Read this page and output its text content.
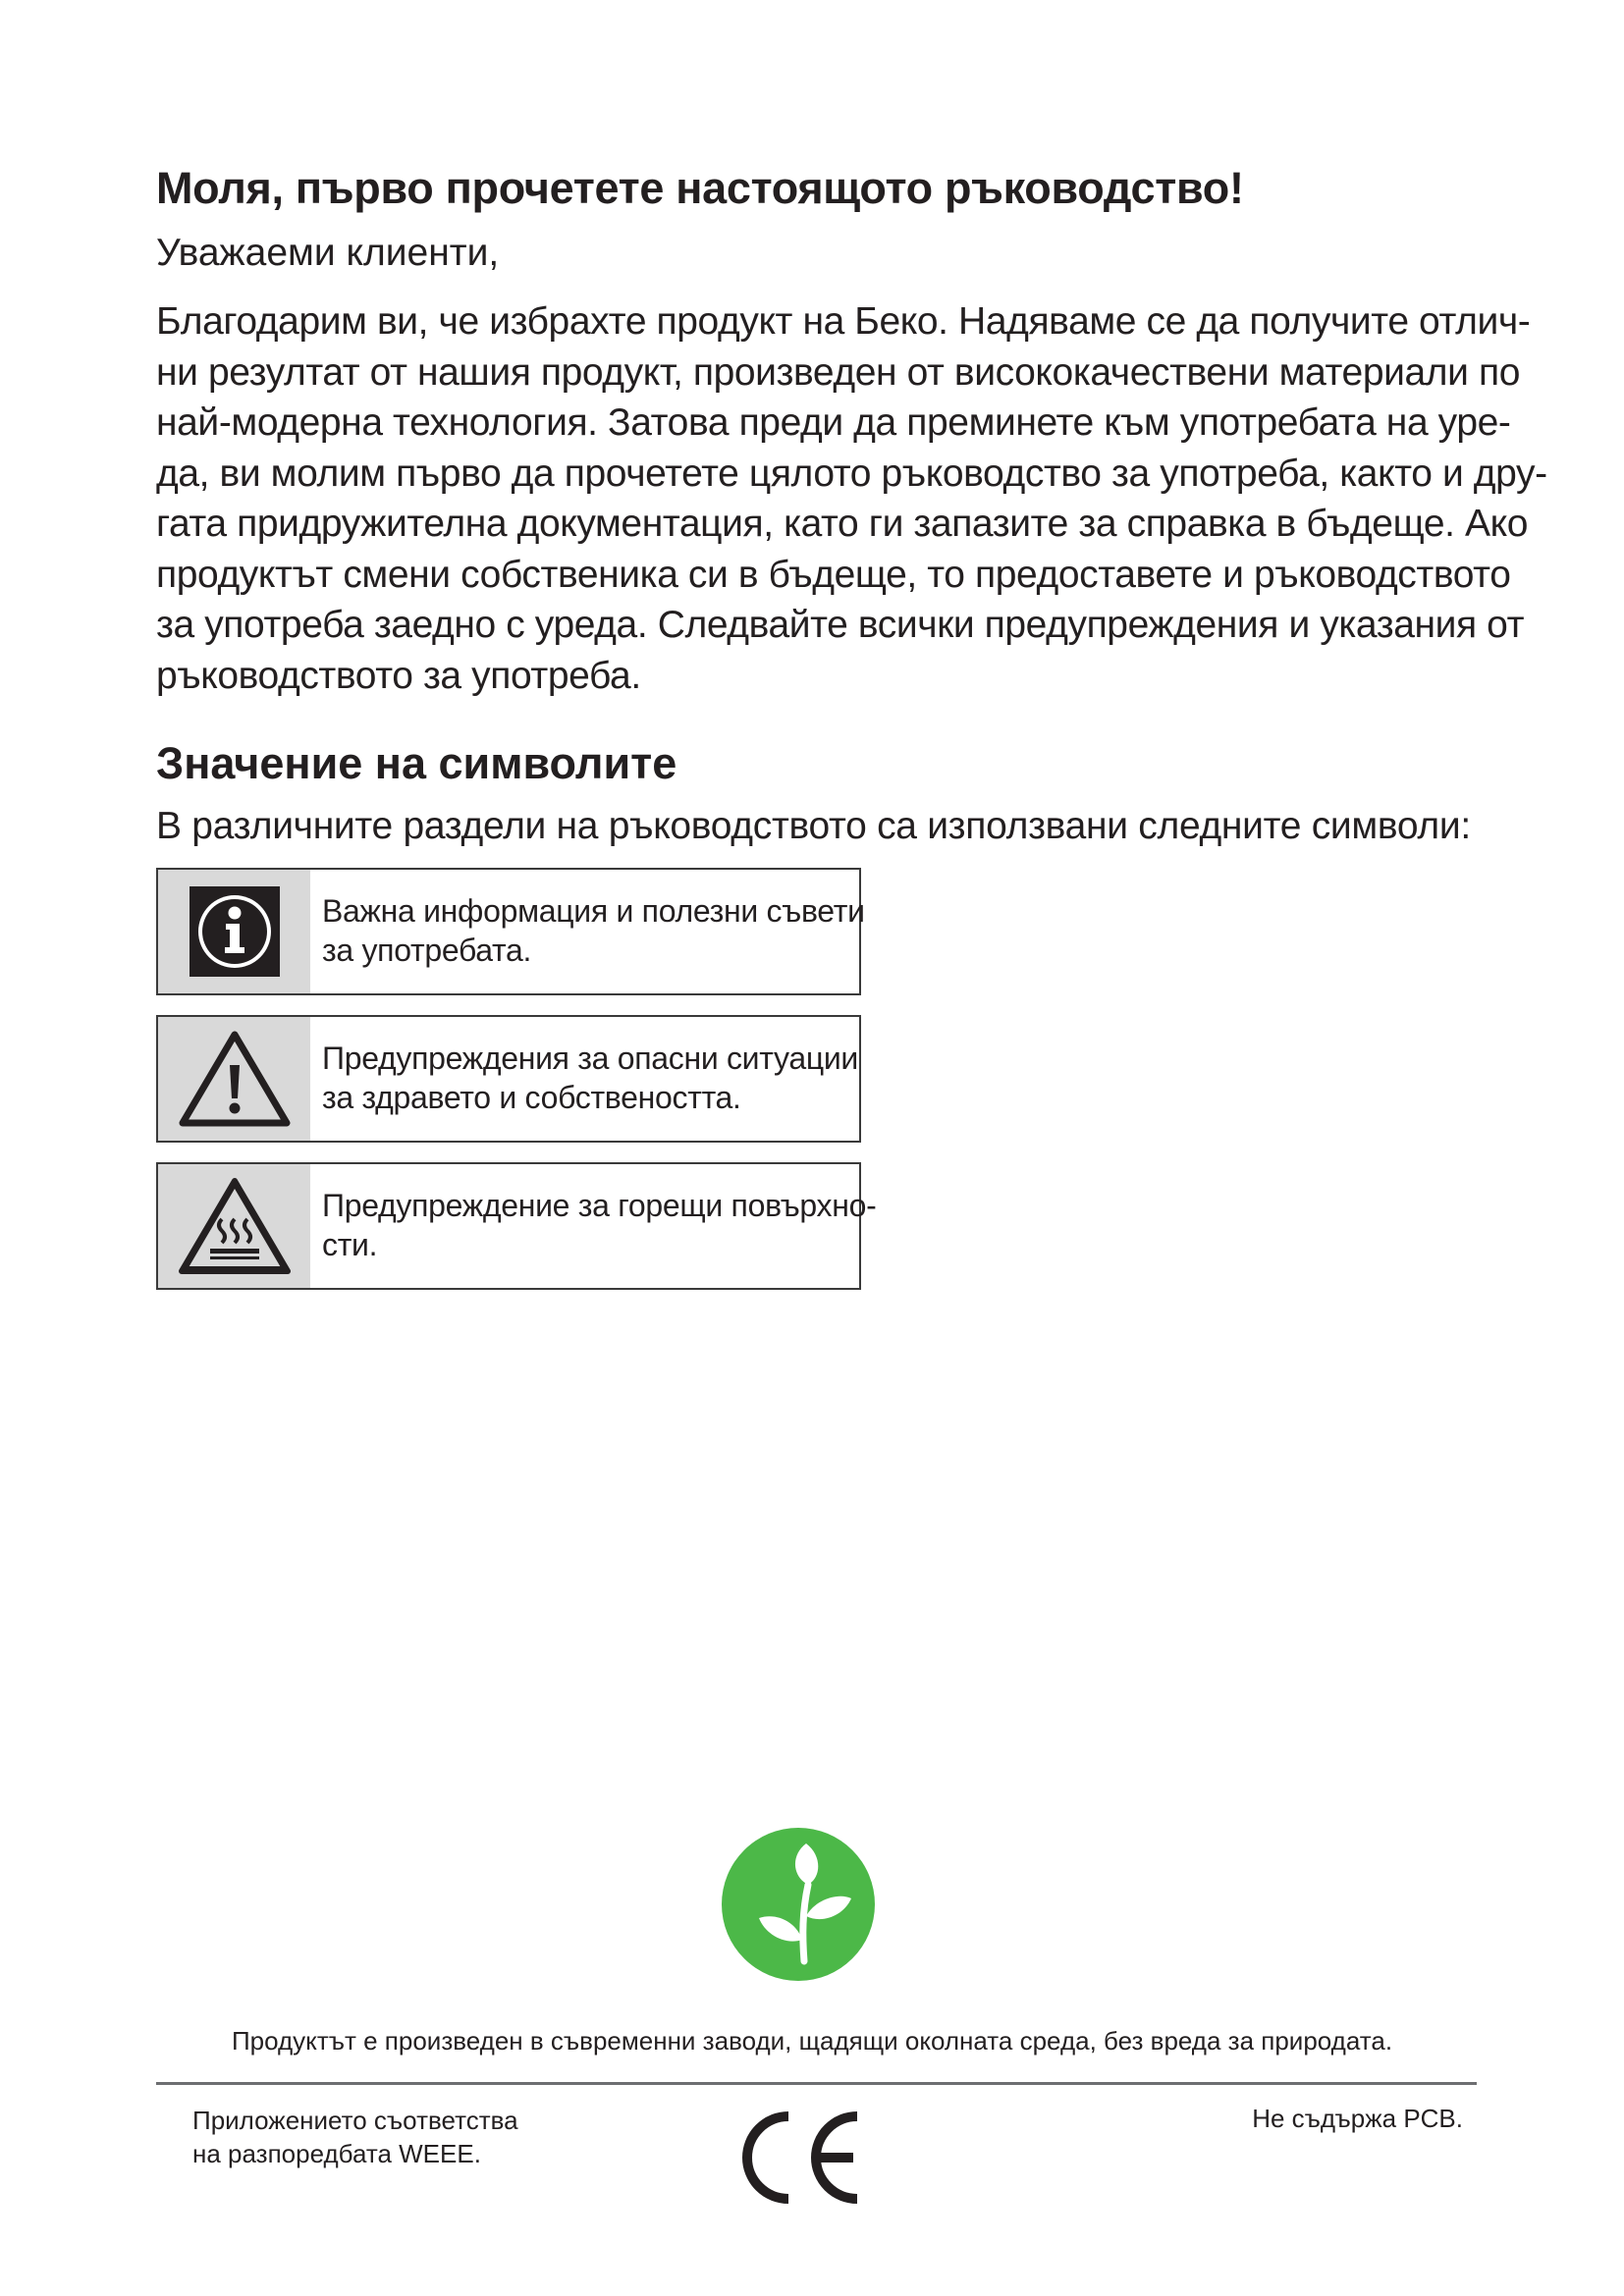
Моля, първо прочетете настоящото ръководство!

Уважаеми клиенти,

Благодарим ви, че избрахте продукт на Беко. Надяваме се да получите отлич-
ни резултат от нашия продукт, произведен от висококачествени материали по
най-модерна технология. Затова преди да преминете към употребата на уре-
да, ви молим първо да прочетете цялото ръководство за употреба, както и дру-
гата придружителна документация, като ги запазите за справка в бъдеще. Ако
продуктът смени собственика си в бъдеще, то предоставете и ръководството
за употреба заедно с уреда. Следвайте всички предупреждения и указания от
ръководството за употреба.
Значение на символите

В различните раздели на ръководството са използвани следните символи:

Важна информация и полезни съвети
за употребата.
Предупреждения за опасни ситуации
за здравето и собствеността.
Предупреждение за горещи повърхно-
сти.
Продуктът е произведен в съвременни заводи, щадящи околната среда, без вреда за природата.
Приложението съответства
на разпоредбата WEEE.
Не съдържа PCB.
